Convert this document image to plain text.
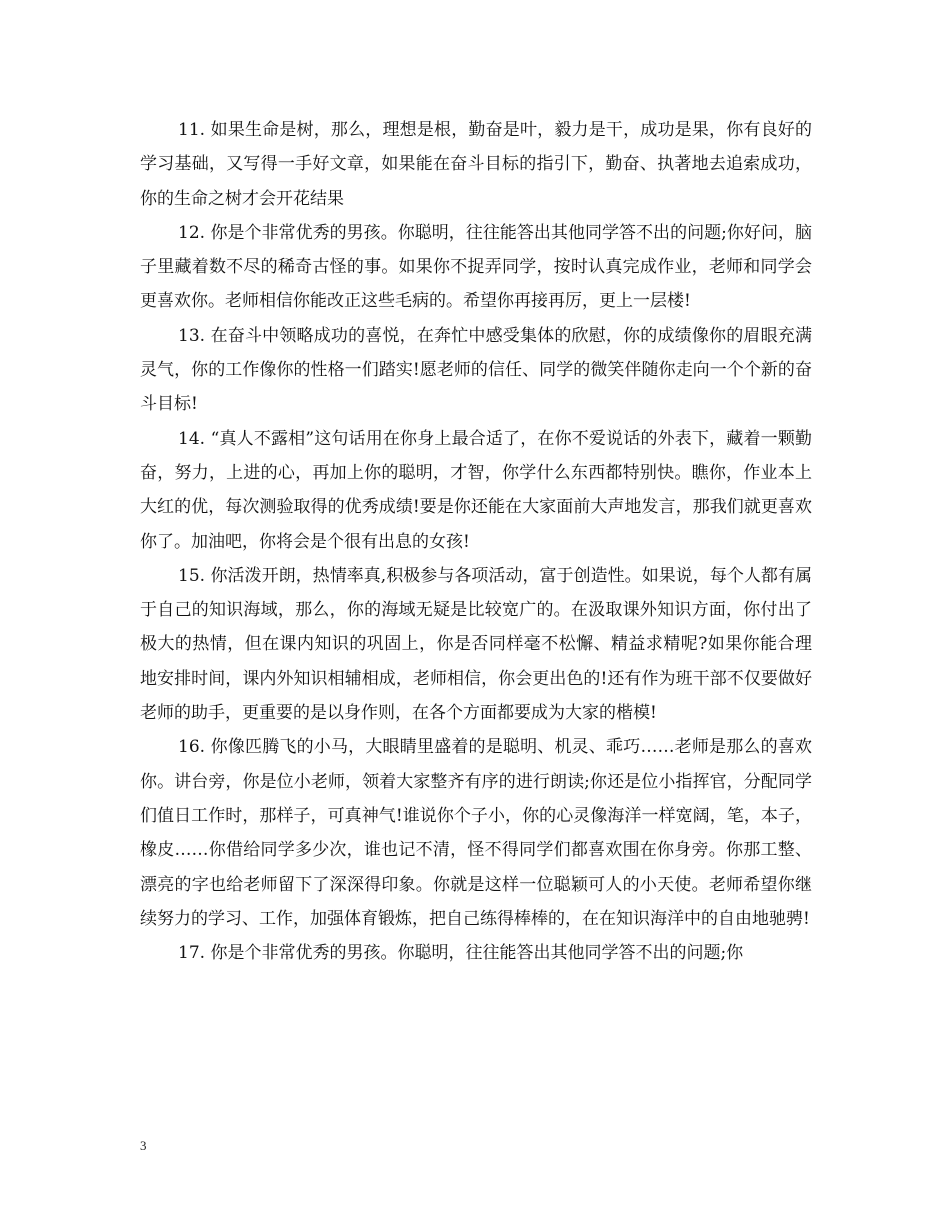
11. 如果生命是树，那么，理想是根，勤奋是叶，毅力是干，成功是果，你有良好的学习基础，又写得一手好文章，如果能在奋斗目标的指引下，勤奋、执著地去追索成功，你的生命之树才会开花结果

12. 你是个非常优秀的男孩。你聪明，往往能答出其他同学答不出的问题;你好问，脑子里藏着数不尽的稀奇古怪的事。如果你不捉弄同学，按时认真完成作业，老师和同学会更喜欢你。老师相信你能改正这些毛病的。希望你再接再厉，更上一层楼!

13. 在奋斗中领略成功的喜悦，在奔忙中感受集体的欣慰，你的成绩像你的眉眼充满灵气，你的工作像你的性格一们踏实!愿老师的信任、同学的微笑伴随你走向一个个新的奋斗目标!

14. “真人不露相”这句话用在你身上最合适了，在你不爱说话的外表下，藏着一颗勤奋，努力，上进的心，再加上你的聪明，才智，你学什么东西都特别快。瞧你，作业本上大红的优，每次测验取得的优秀成绩!要是你还能在大家面前大声地发言，那我们就更喜欢你了。加油吧，你将会是个很有出息的女孩!

15. 你活泼开朗，热情率真,积极参与各项活动，富于创造性。如果说，每个人都有属于自己的知识海域，那么，你的海域无疑是比较宽广的。在汲取课外知识方面，你付出了极大的热情，但在课内知识的巩固上，你是否同样毫不松懈、精益求精呢?如果你能合理地安排时间，课内外知识相辅相成，老师相信，你会更出色的!还有作为班干部不仅要做好老师的助手，更重要的是以身作则，在各个方面都要成为大家的楷模!

16. 你像匹腾飞的小马，大眼睛里盛着的是聪明、机灵、乖巧……老师是那么的喜欢你。讲台旁，你是位小老师，领着大家整齐有序的进行朗读;你还是位小指挥官，分配同学们值日工作时，那样子，可真神气!谁说你个子小，你的心灵像海洋一样宽阔，笔，本子，橡皮……你借给同学多少次，谁也记不清，怪不得同学们都喜欢围在你身旁。你那工整、漂亮的字也给老师留下了深深得印象。你就是这样一位聪颖可人的小天使。老师希望你继续努力的学习、工作，加强体育锻炼，把自己练得棒棒的，在在知识海洋中的自由地驰骋!

17. 你是个非常优秀的男孩。你聪明，往往能答出其他同学答不出的问题;你

3
